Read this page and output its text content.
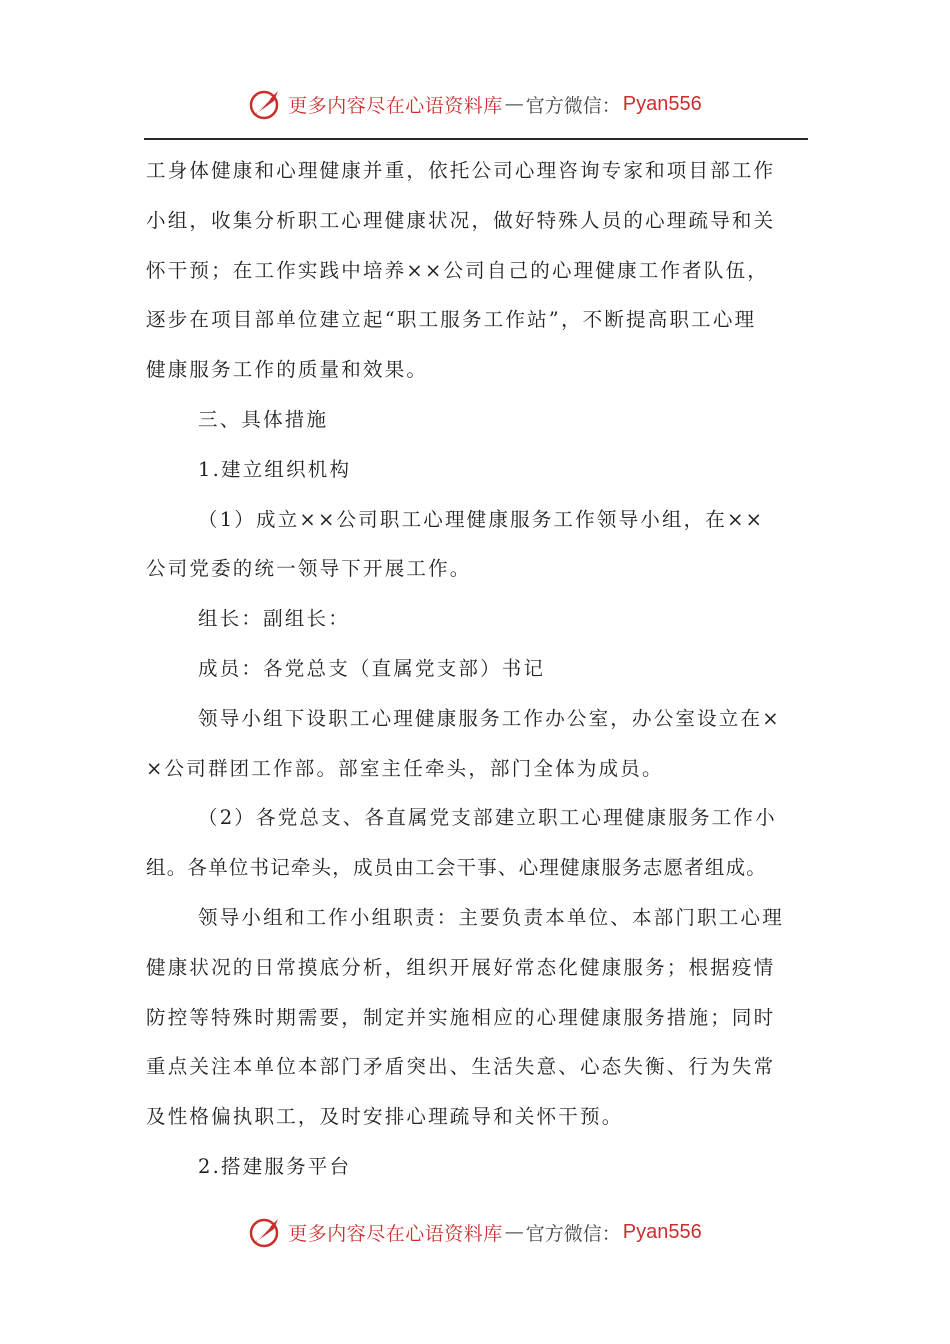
更多内容尽在心语资料库 — 官方微信： Pyan556

工身体健康和心理健康并重，依托公司心理咨询专家和项目部工作

小组，收集分析职工心理健康状况，做好特殊人员的心理疏导和关

怀干预；在工作实践中培养××公司自己的心理健康工作者队伍，

逐步在项目部单位建立起“职工服务工作站”，不断提高职工心理

健康服务工作的质量和效果。

三、具体措施

1.建立组织机构

（1）成立××公司职工心理健康服务工作领导小组，在××

公司党委的统一领导下开展工作。

组长：副组长：

成员：各党总支（直属党支部）书记

领导小组下设职工心理健康服务工作办公室，办公室设立在×

×公司群团工作部。部室主任牵头，部门全体为成员。

（2）各党总支、各直属党支部建立职工心理健康服务工作小

组。各单位书记牵头，成员由工会干事、心理健康服务志愿者组成。

领导小组和工作小组职责：主要负责本单位、本部门职工心理

健康状况的日常摸底分析，组织开展好常态化健康服务；根据疫情

防控等特殊时期需要，制定并实施相应的心理健康服务措施；同时

重点关注本单位本部门矛盾突出、生活失意、心态失衡、行为失常

及性格偏执职工，及时安排心理疏导和关怀干预。

2.搭建服务平台

更多内容尽在心语资料库 — 官方微信： Pyan556
